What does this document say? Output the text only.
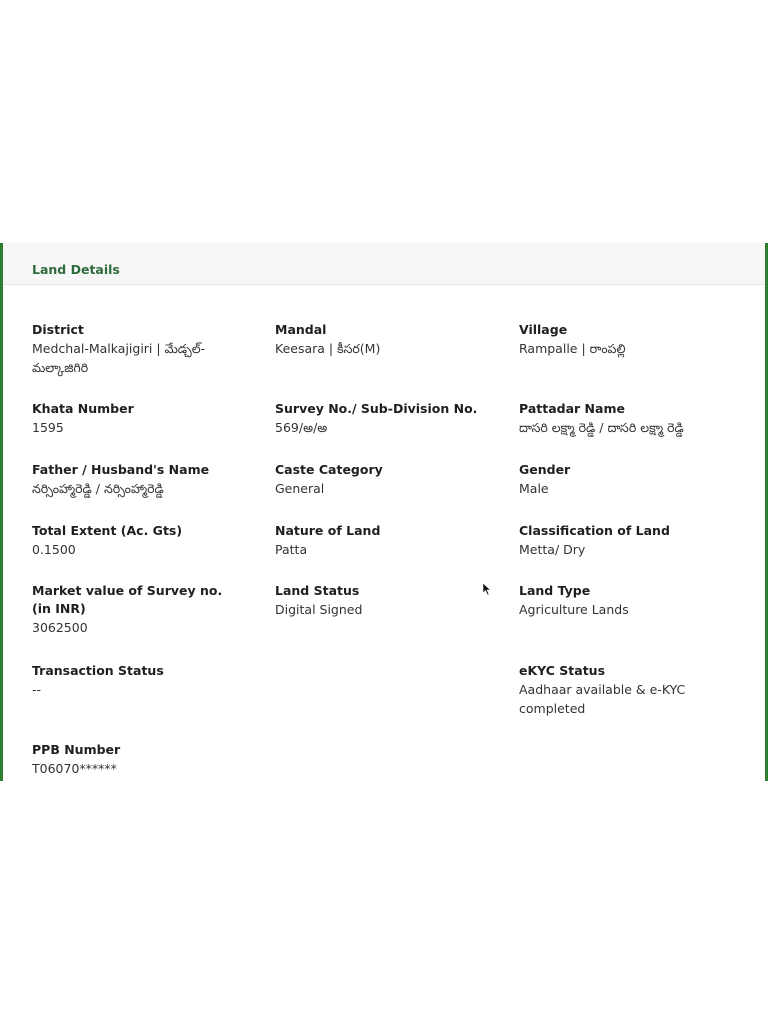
Land Details
District
Medchal-Malkajigiri | మేడ్చల్-మల్కాజిగిరి
Mandal
Keesara | కీసర(M)
Village
Rampalle | రాంపల్లి
Khata Number
1595
Survey No./ Sub-Division No.
569/అ/అ
Pattadar Name
దాసరి లక్ష్మా రెడ్డి / దాసరి లక్ష్మా రెడ్డి
Father / Husband's Name
నర్సింహ్మారెడ్డి / నర్సింహ్మారెడ్డి
Caste Category
General
Gender
Male
Total Extent (Ac. Gts)
0.1500
Nature of Land
Patta
Classification of Land
Metta/ Dry
Market value of Survey no.(in INR)
3062500
Land Status
Digital Signed
Land Type
Agriculture Lands
Transaction Status
--
eKYC Status
Aadhaar available & e-KYC completed
PPB Number
T06070******
